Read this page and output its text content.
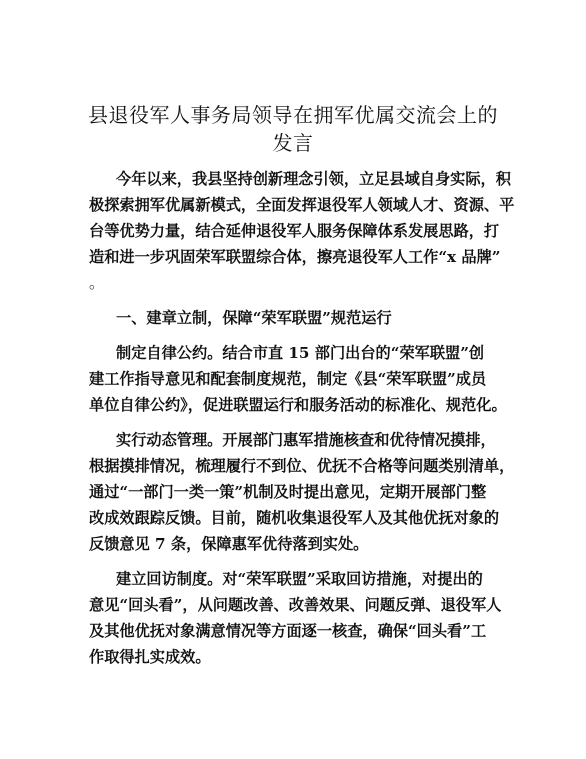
县退役军人事务局领导在拥军优属交流会上的
发言

今年以来，我县坚持创新理念引领，立足县域自身实际，积

极探索拥军优属新模式，全面发挥退役军人领域人才、资源、平

台等优势力量，结合延伸退役军人服务保障体系发展思路，打

造和进一步巩固荣军联盟综合体，擦亮退役军人工作“x 品牌”

。

一、建章立制，保障“荣军联盟”规范运行

制定自律公约。结合市直 15 部门出台的“荣军联盟”创

建工作指导意见和配套制度规范，制定《县“荣军联盟”成员

单位自律公约》，促进联盟运行和服务活动的标准化、规范化。

实行动态管理。开展部门惠军措施核查和优待情况摸排，

根据摸排情况，梳理履行不到位、优抚不合格等问题类别清单，

通过“一部门一类一策”机制及时提出意见，定期开展部门整

改成效跟踪反馈。目前，随机收集退役军人及其他优抚对象的

反馈意见 7 条，保障惠军优待落到实处。

建立回访制度。对“荣军联盟”采取回访措施，对提出的

意见“回头看”，从问题改善、改善效果、问题反弹、退役军人

及其他优抚对象满意情况等方面逐一核查，确保“回头看”工

作取得扎实成效。
